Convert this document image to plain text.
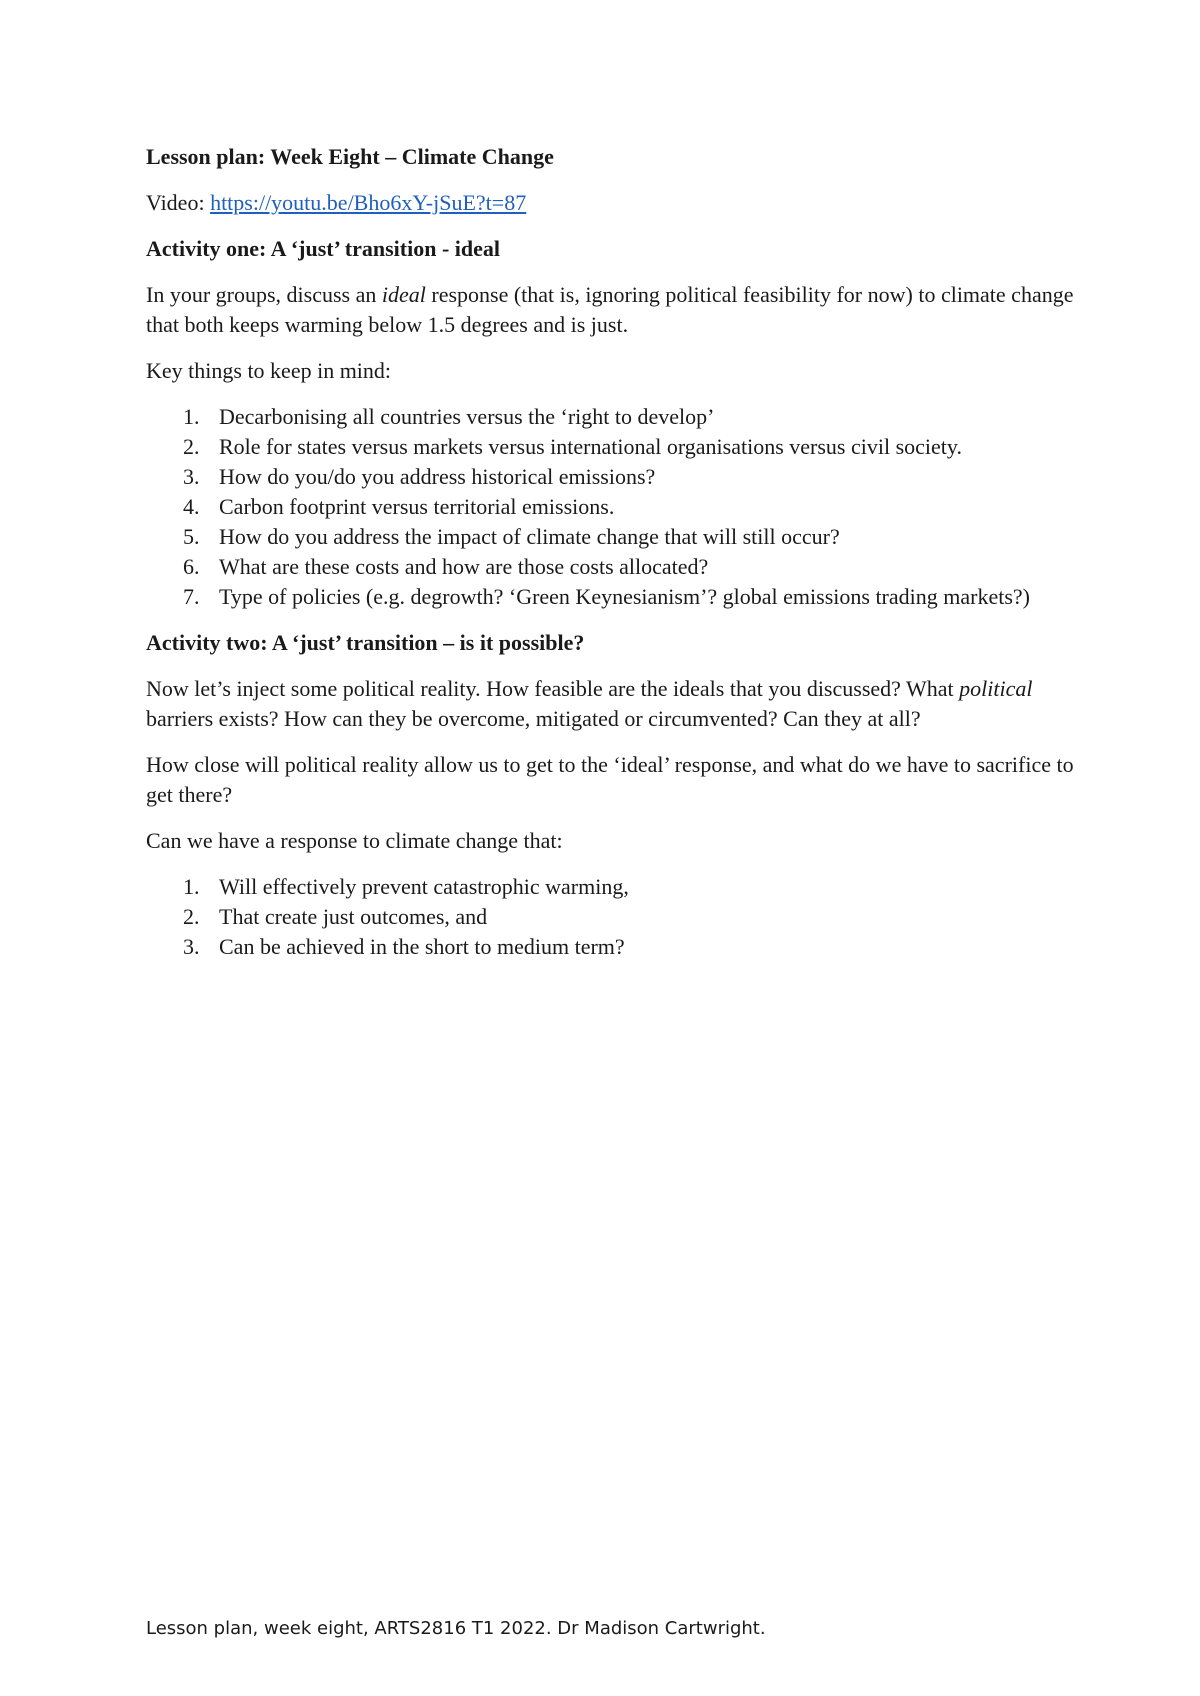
Lesson plan: Week Eight – Climate Change
Video: https://youtu.be/Bho6xY-jSuE?t=87
Activity one: A ‘just’ transition - ideal
In your groups, discuss an ideal response (that is, ignoring political feasibility for now) to climate change that both keeps warming below 1.5 degrees and is just.
Key things to keep in mind:
1. Decarbonising all countries versus the ‘right to develop’
2. Role for states versus markets versus international organisations versus civil society.
3. How do you/do you address historical emissions?
4. Carbon footprint versus territorial emissions.
5. How do you address the impact of climate change that will still occur?
6. What are these costs and how are those costs allocated?
7. Type of policies (e.g. degrowth? ‘Green Keynesianism’? global emissions trading markets?)
Activity two: A ‘just’ transition – is it possible?
Now let’s inject some political reality. How feasible are the ideals that you discussed? What political barriers exists? How can they be overcome, mitigated or circumvented? Can they at all?
How close will political reality allow us to get to the ‘ideal’ response, and what do we have to sacrifice to get there?
Can we have a response to climate change that:
1. Will effectively prevent catastrophic warming,
2. That create just outcomes, and
3. Can be achieved in the short to medium term?
Lesson plan, week eight, ARTS2816 T1 2022. Dr Madison Cartwright.
